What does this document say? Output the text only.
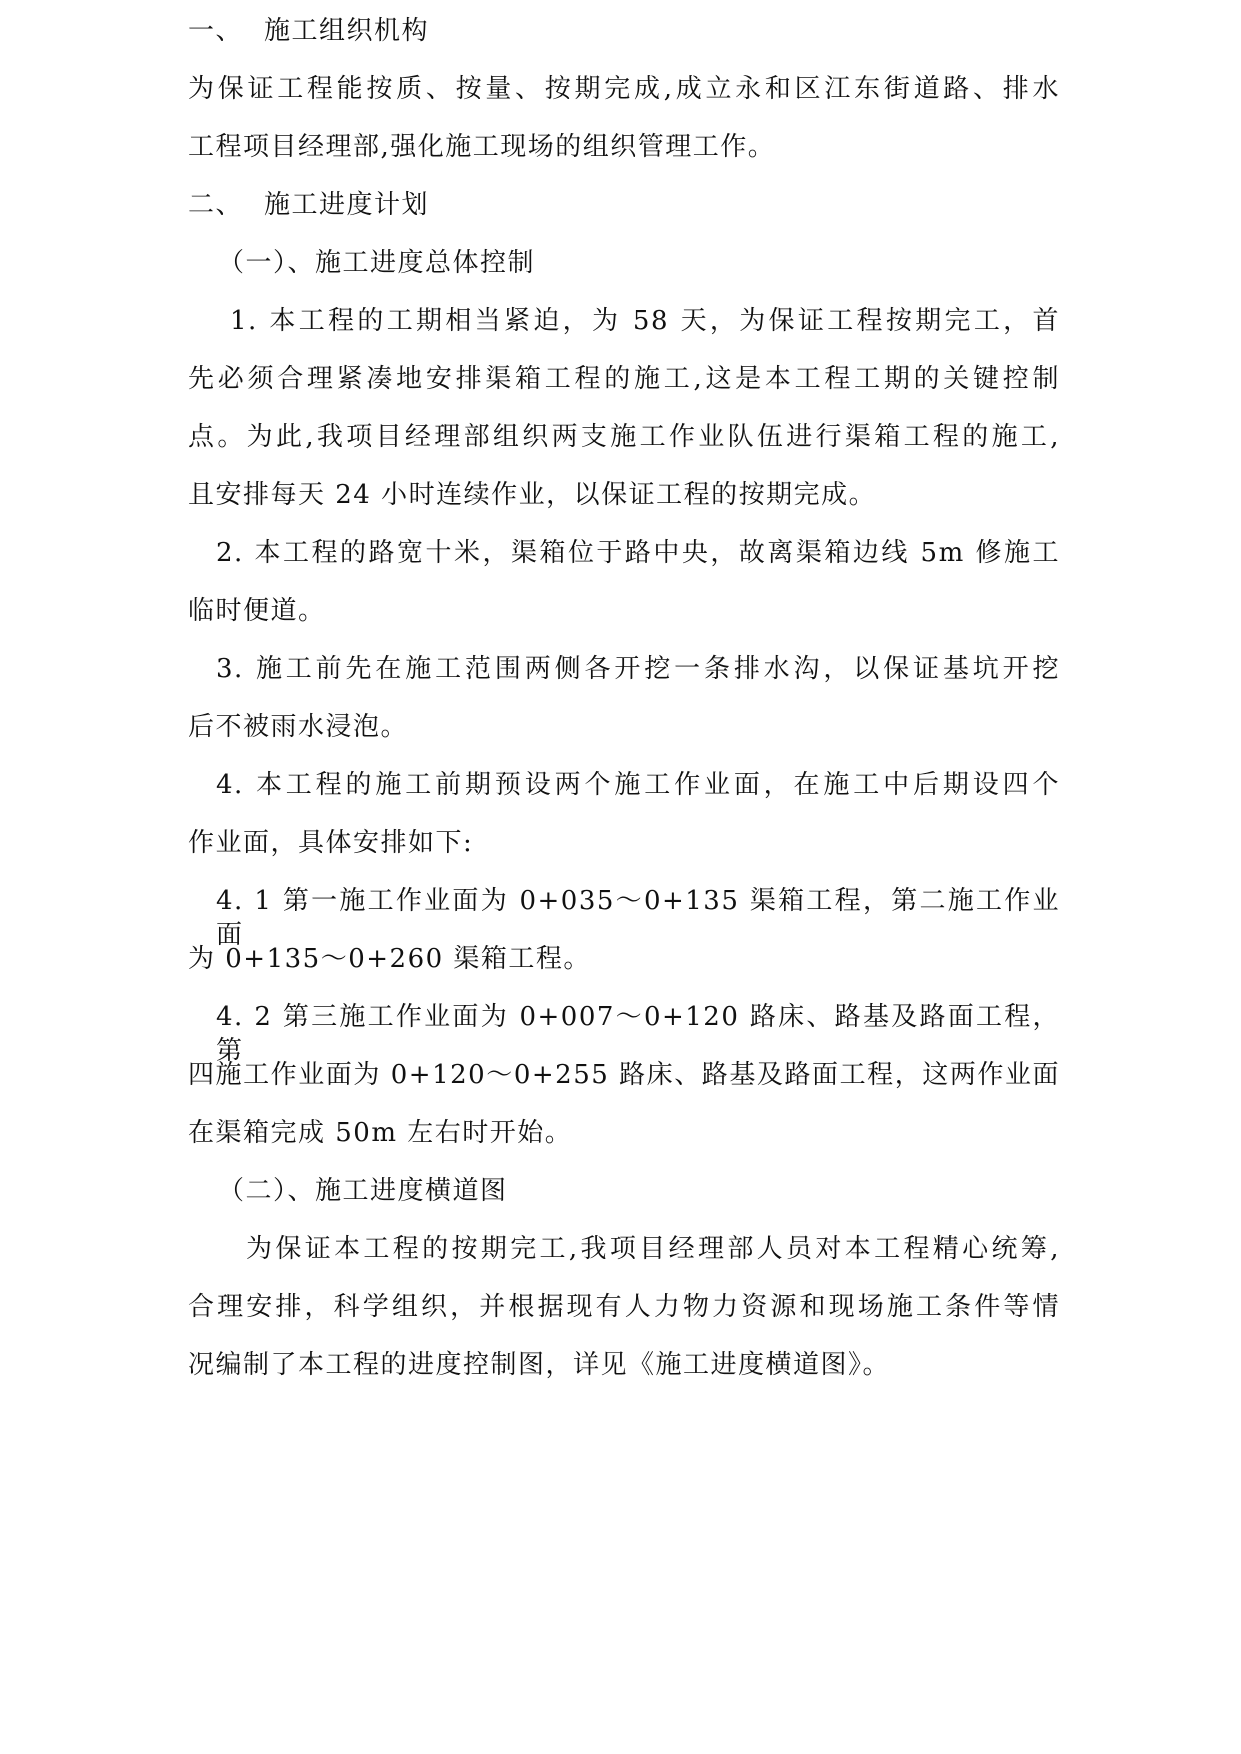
一、 施工组织机构
为保证工程能按质、按量、按期完成,成立永和区江东街道路、排水
工程项目经理部,强化施工现场的组织管理工作。
二、 施工进度计划
（一）、施工进度总体控制
1. 本工程的工期相当紧迫，为 58 天，为保证工程按期完工，首
先必须合理紧凑地安排渠箱工程的施工,这是本工程工期的关键控制
点。为此,我项目经理部组织两支施工作业队伍进行渠箱工程的施工,
且安排每天 24 小时连续作业，以保证工程的按期完成。
2. 本工程的路宽十米，渠箱位于路中央，故离渠箱边线 5m 修施工
临时便道。
3. 施工前先在施工范围两侧各开挖一条排水沟，以保证基坑开挖
后不被雨水浸泡。
4. 本工程的施工前期预设两个施工作业面，在施工中后期设四个
作业面，具体安排如下:
4. 1 第一施工作业面为 0+035～0+135 渠箱工程，第二施工作业面
为 0+135～0+260 渠箱工程。
4. 2 第三施工作业面为 0+007～0+120 路床、路基及路面工程，第
四施工作业面为 0+120～0+255 路床、路基及路面工程，这两作业面
在渠箱完成 50m 左右时开始。
（二）、施工进度横道图
为保证本工程的按期完工,我项目经理部人员对本工程精心统筹,
合理安排，科学组织，并根据现有人力物力资源和现场施工条件等情
况编制了本工程的进度控制图，详见《施工进度横道图》。
